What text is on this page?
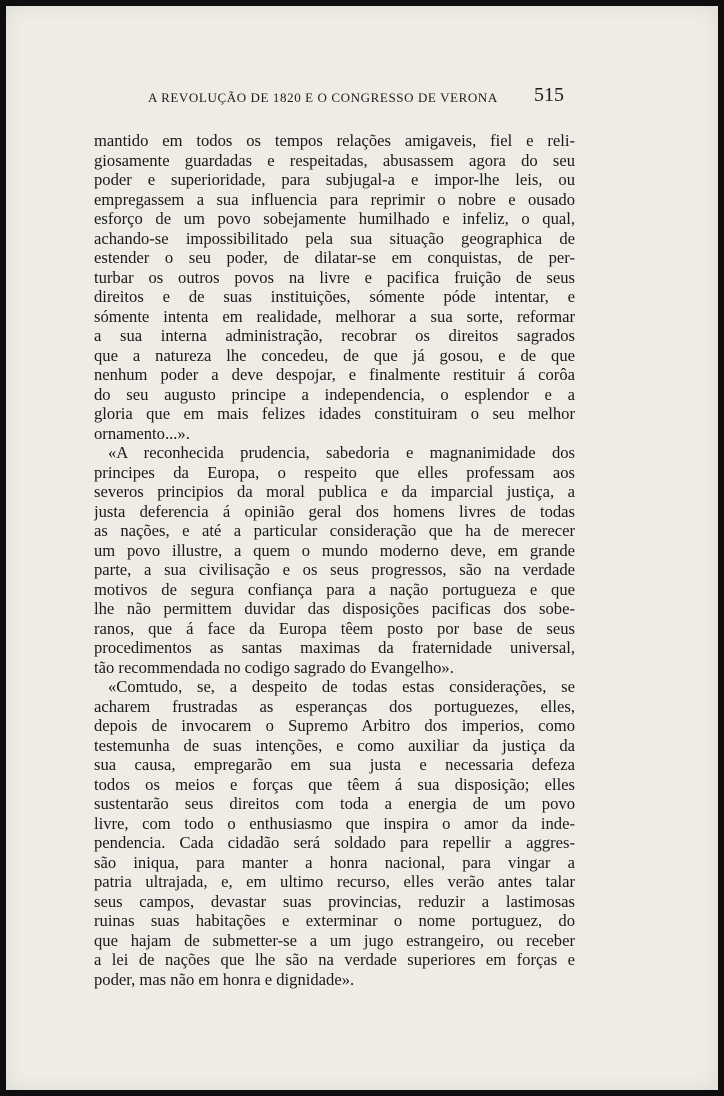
A REVOLUÇÃO DE 1820 E O CONGRESSO DE VERONA 515
mantido em todos os tempos relações amigaveis, fiel e reli-
giosamente guardadas e respeitadas, abusassem agora do seu
poder e superioridade, para subjugal-a e impor-lhe leis, ou
empregassem a sua influencia para reprimir o nobre e ousado
esforço de um povo sobejamente humilhado e infeliz, o qual,
achando-se impossibilitado pela sua situação geographica de
estender o seu poder, de dilatar-se em conquistas, de per-
turbar os outros povos na livre e pacifica fruição de seus
direitos e de suas instituições, sómente póde intentar, e
sómente intenta em realidade, melhorar a sua sorte, reformar
a sua interna administração, recobrar os direitos sagrados
que a natureza lhe concedeu, de que já gosou, e de que
nenhum poder a deve despojar, e finalmente restituir á corôa
do seu augusto principe a independencia, o esplendor e a
gloria que em mais felizes idades constituiram o seu melhor
ornamento...».
«A reconhecida prudencia, sabedoria e magnanimidade dos
principes da Europa, o respeito que elles professam aos
severos principios da moral publica e da imparcial justiça, a
justa deferencia á opinião geral dos homens livres de todas
as nações, e até a particular consideração que ha de merecer
um povo illustre, a quem o mundo moderno deve, em grande
parte, a sua civilisação e os seus progressos, são na verdade
motivos de segura confiança para a nação portugueza e que
lhe não permittem duvidar das disposições pacificas dos sobe-
ranos, que á face da Europa têem posto por base de seus
procedimentos as santas maximas da fraternidade universal,
tão recommendada no codigo sagrado do Evangelho».
«Comtudo, se, a despeito de todas estas considerações, se
acharem frustradas as esperanças dos portuguezes, elles,
depois de invocarem o Supremo Arbitro dos imperios, como
testemunha de suas intenções, e como auxiliar da justiça da
sua causa, empregarão em sua justa e necessaria defeza
todos os meios e forças que têem á sua disposição; elles
sustentarão seus direitos com toda a energia de um povo
livre, com todo o enthusiasmo que inspira o amor da inde-
pendencia. Cada cidadão será soldado para repellir a aggres-
são iniqua, para manter a honra nacional, para vingar a
patria ultrajada, e, em ultimo recurso, elles verão antes talar
seus campos, devastar suas provincias, reduzir a lastimosas
ruinas suas habitações e exterminar o nome portuguez, do
que hajam de submetter-se a um jugo estrangeiro, ou receber
a lei de nações que lhe são na verdade superiores em forças e
poder, mas não em honra e dignidade».
